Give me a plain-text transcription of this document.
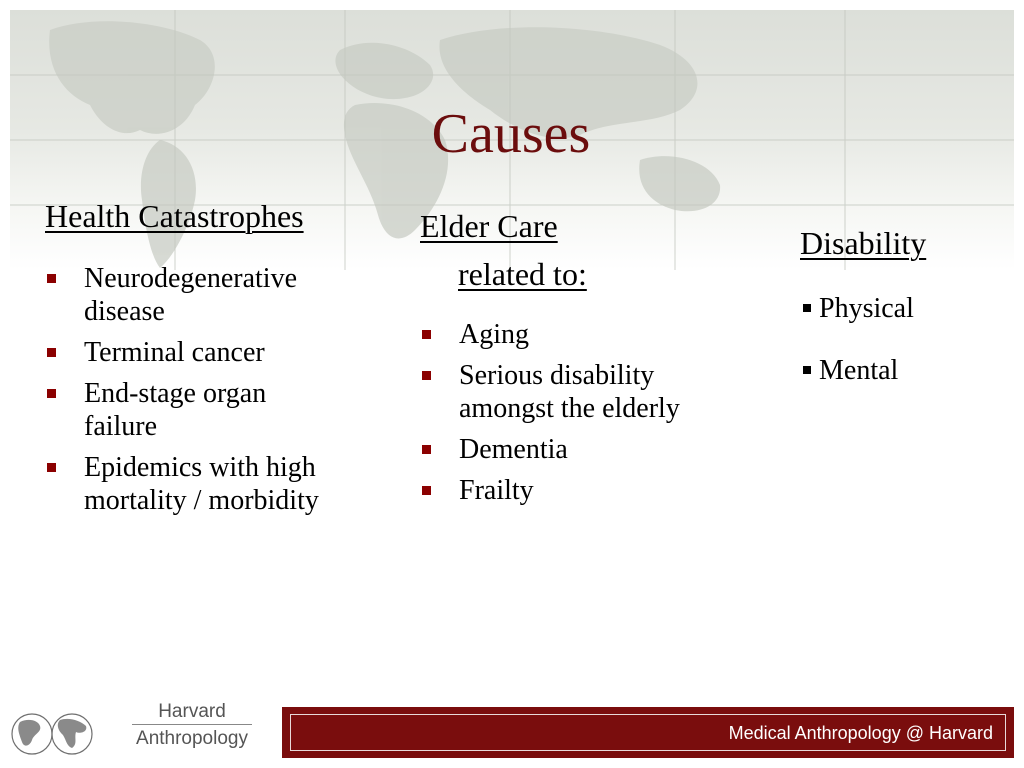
Causes
Health Catastrophes
Neurodegenerative
disease
Terminal cancer
End-stage organ
failure
Epidemics with high
mortality / morbidity
Elder Care
related to:
Aging
Serious disability
amongst the elderly
Dementia
Frailty
Disability
Physical
Mental
Harvard
Anthropology	Medical Anthropology @ Harvard
